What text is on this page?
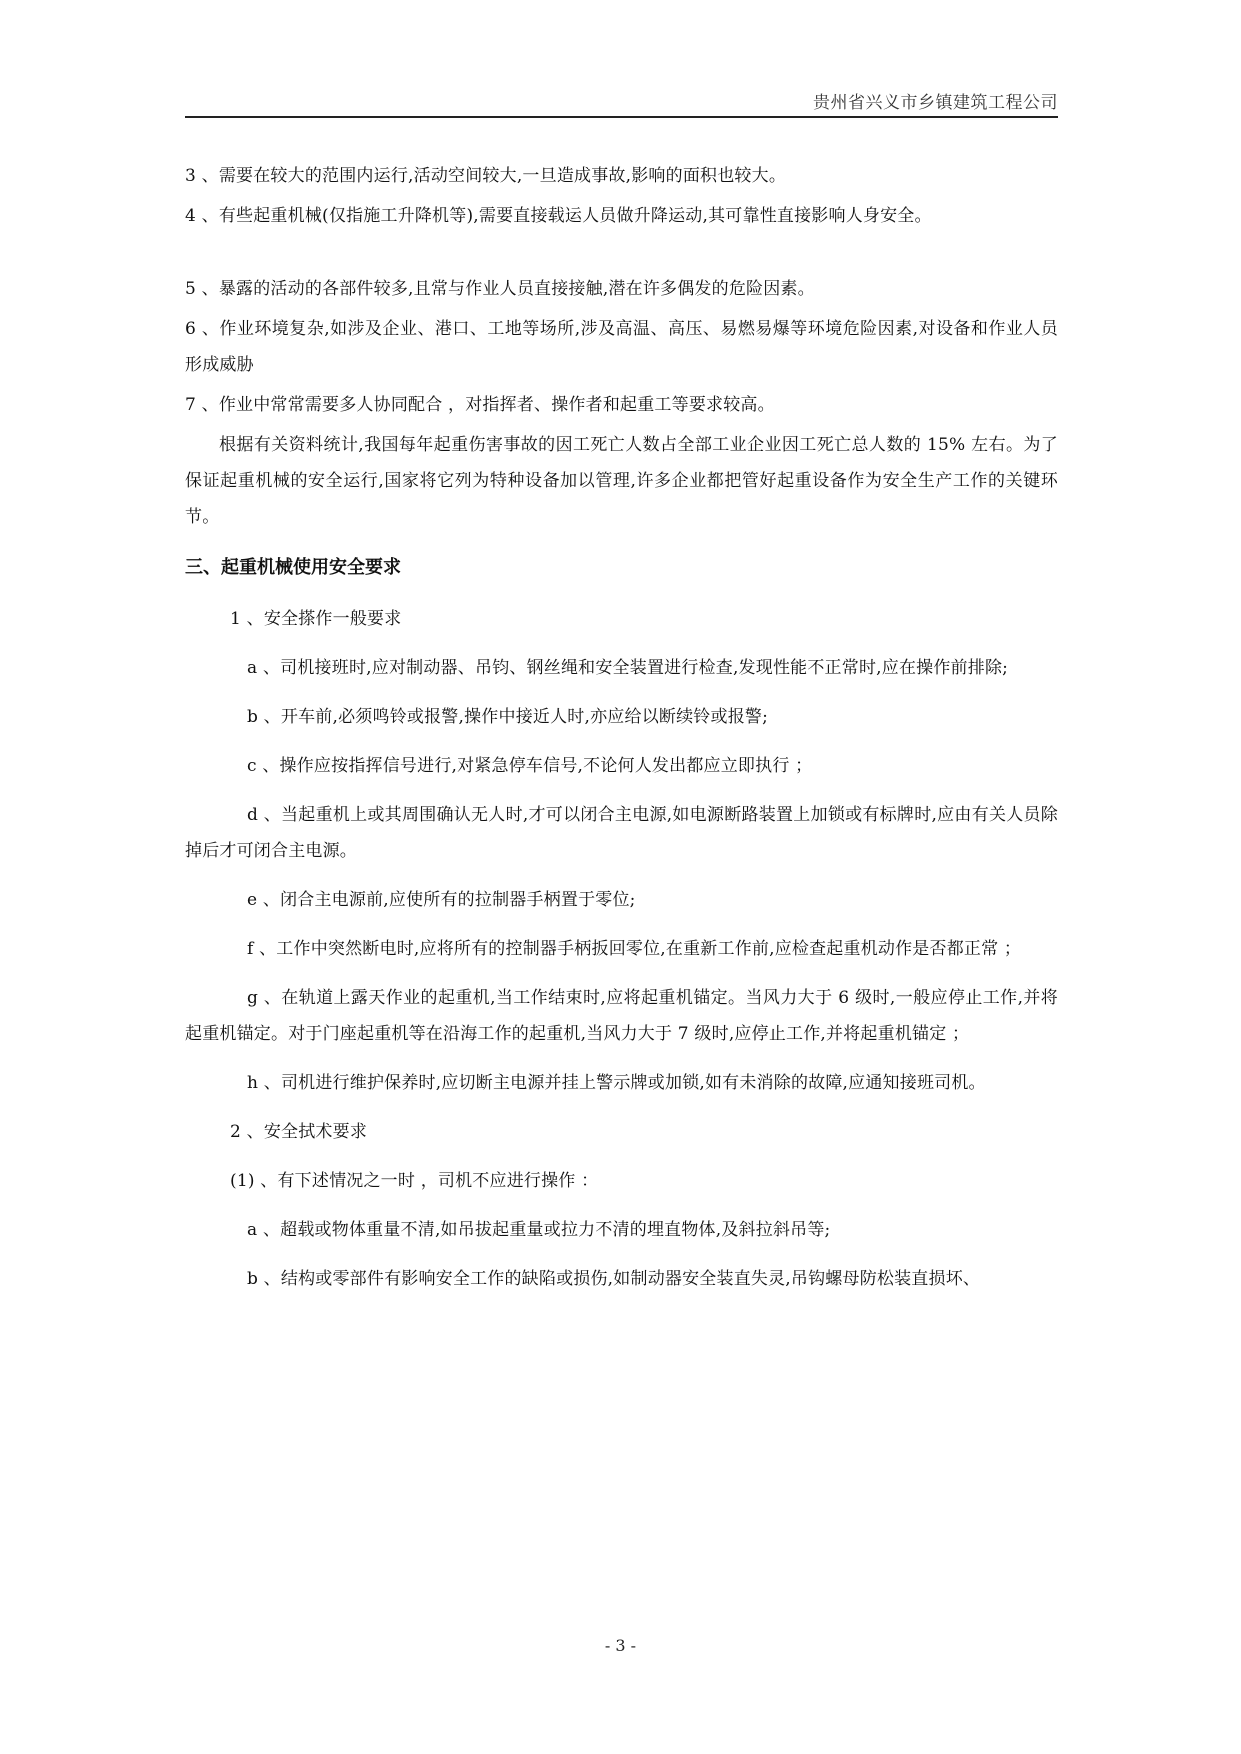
贵州省兴义市乡镇建筑工程公司

3 、需要在较大的范围内运行,活动空间较大,一旦造成事故,影响的面积也较大。

4 、有些起重机械(仅指施工升降机等),需要直接载运人员做升降运动,其可靠性直接影响人身安全。

5 、暴露的活动的各部件较多,且常与作业人员直接接触,潜在许多偶发的危险因素。

6 、作业环境复杂,如涉及企业、港口、工地等场所,涉及高温、高压、易燃易爆等环境危险因素,对设备和作业人员形成威胁

7 、作业中常常需要多人协同配合 ，对指挥者、操作者和起重工等要求较高。

根据有关资料统计,我国每年起重伤害事故的因工死亡人数占全部工业企业因工死亡总人数的 15% 左右。为了保证起重机械的安全运行,国家将它列为特种设备加以管理,许多企业都把管好起重设备作为安全生产工作的关键环节。

三、起重机械使用安全要求

1 、安全搽作一般要求

a 、司机接班时,应对制动器、吊钧、钢丝绳和安全装置进行检查,发现性能不正常时,应在操作前排除;

b 、开车前,必须鸣铃或报警,操作中接近人时,亦应给以断续铃或报警;

c 、操作应按指挥信号进行,对紧急停车信号,不论何人发出都应立即执行 ；

d 、当起重机上或其周围确认无人时,才可以闭合主电源,如电源断路装置上加锁或有标牌时,应由有关人员除掉后才可闭合主电源。

e 、闭合主电源前,应使所有的拉制器手柄置于零位;

f 、工作中突然断电时,应将所有的控制器手柄扳回零位,在重新工作前,应检查起重机动作是否都正常 ；

g 、在轨道上露天作业的起重机,当工作结束时,应将起重机锚定。当风力大于 6 级时,一般应停止工作,并将起重机锚定。对于门座起重机等在沿海工作的起重机,当风力大于 7 级时,应停止工作,并将起重机锚定 ；

h 、司机进行维护保养时,应切断主电源并挂上警示牌或加锁,如有未消除的故障,应通知接班司机。

2 、安全拭术要求

(1) 、有下述情况之一时 ，司机不应进行操作 ：

a 、超载或物体重量不清,如吊拔起重量或拉力不清的埋直物体,及斜拉斜吊等;

b 、结构或零部件有影响安全工作的缺陷或损伤,如制动器安全装直失灵,吊钩螺母防松装直损坏、

- 3 -
